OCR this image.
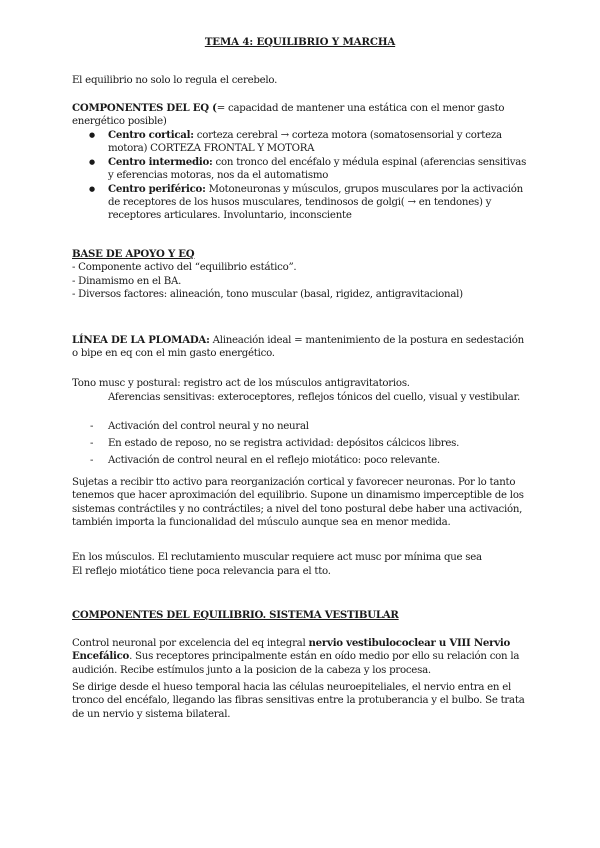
TEMA 4: EQUILIBRIO Y MARCHA

El equilibrio no solo lo regula el cerebelo.

COMPONENTES DEL EQ (= capacidad de mantener una estática con el menor gasto energético posible)

● Centro cortical: corteza cerebral → corteza motora (somatosensorial y corteza motora) CORTEZA FRONTAL Y MOTORA
● Centro intermedio: con tronco del encéfalo y médula espinal (aferencias sensitivas y eferencias motoras, nos da el automatismo
● Centro periférico: Motoneuronas y músculos, grupos musculares por la activación de receptores de los husos musculares, tendinosos de golgi( → en tendones) y receptores articulares. Involuntario, inconsciente
BASE DE APOYO Y EQ
- Componente activo del “equilibrio estático”.
- Dinamismo en el BA.
- Diversos factores: alineación, tono muscular (basal, rigidez, antigravitacional)

LÍNEA DE LA PLOMADA: Alineación ideal = mantenimiento de la postura en sedestación o bipe en eq con el min gasto energético.

Tono musc y postural: registro act de los músculos antigravitatorios.

Aferencias sensitivas: exteroceptores, reflejos tónicos del cuello, visual y vestibular.

- Activación del control neural y no neural
- En estado de reposo, no se registra actividad: depósitos cálcicos libres.
- Activación de control neural en el reflejo miotático: poco relevante.

Sujetas a recibir tto activo para reorganización cortical y favorecer neuronas. Por lo tanto tenemos que hacer aproximación del equilibrio. Supone un dinamismo imperceptible de los sistemas contráctiles y no contráctiles; a nivel del tono postural debe haber una activación, también importa la funcionalidad del músculo aunque sea en menor medida.

En los músculos. El reclutamiento muscular requiere act musc por mínima que sea

El reflejo miotático tiene poca relevancia para el tto.

COMPONENTES DEL EQUILIBRIO. SISTEMA VESTIBULAR

Control neuronal por excelencia del eq integral nervio vestibulococlear u VIII Nervio Encefálico. Sus receptores principalmente están en oído medio por ello su relación con la audición. Recibe estímulos junto a la posicion de la cabeza y los procesa.

Se dirige desde el hueso temporal hacia las células neuroepiteliales, el nervio entra en el tronco del encéfalo, llegando las fibras sensitivas entre la protuberancia y el bulbo. Se trata de un nervio y sistema bilateral.
